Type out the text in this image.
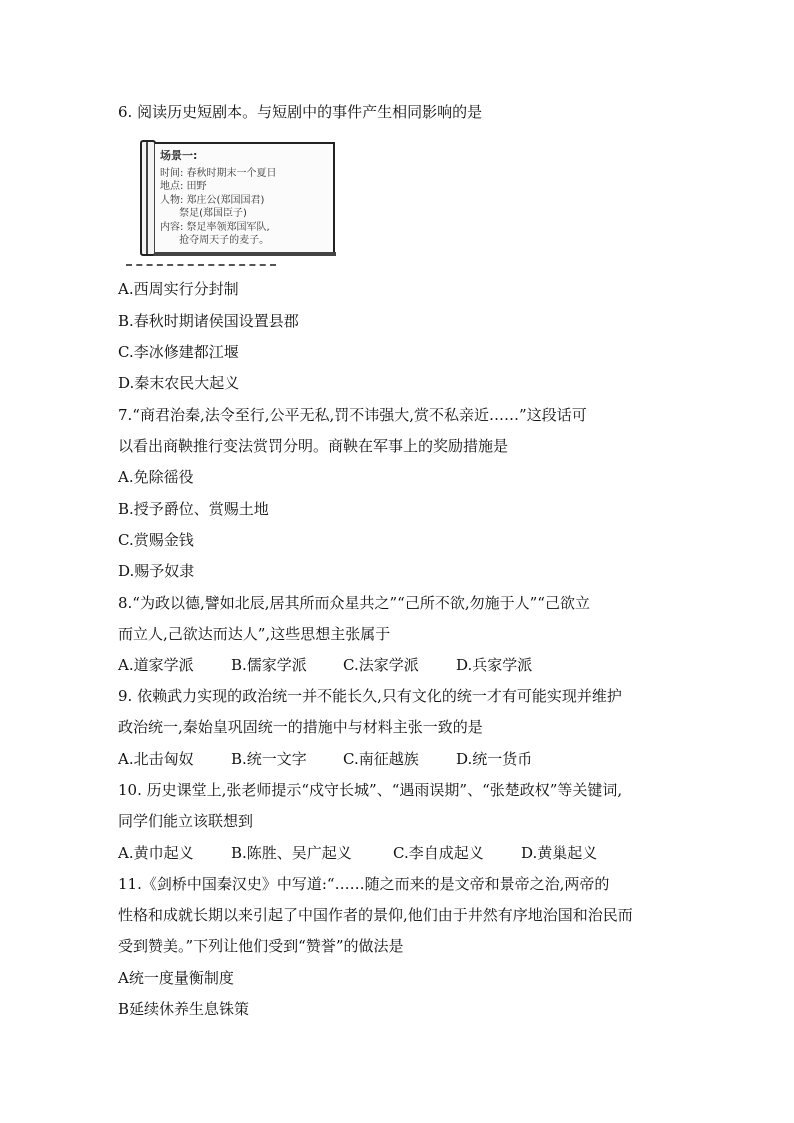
6. 阅读历史短剧本。与短剧中的事件产生相同影响的是
场景一:
时间: 春秋时期末一个夏日
地点: 田野
人物: 郑庄公(郑国国君)
祭足(郑国臣子)
内容: 祭足率领郑国军队,
抢夺周天子的麦子。
A.西周实行分封制
B.春秋时期诸侯国设置县郡
C.李冰修建都江堰
D.秦末农民大起义
7.“商君治秦,法令至行,公平无私,罚不讳强大,赏不私亲近……”这段话可
以看出商鞅推行变法赏罚分明。商鞅在军事上的奖励措施是
A.免除徭役
B.授予爵位、赏赐土地
C.赏赐金钱
D.赐予奴隶
8.“为政以德,譬如北辰,居其所而众星共之”“己所不欲,勿施于人”“己欲立
而立人,己欲达而达人”,这些思想主张属于
A.道家学派 B.儒家学派 C.法家学派 D.兵家学派
9. 依赖武力实现的政治统一并不能长久,只有文化的统一才有可能实现并维护
政治统一,秦始皇巩固统一的措施中与材料主张一致的是
A.北击匈奴 B.统一文字 C.南征越族 D.统一货币
10. 历史课堂上,张老师提示“戍守长城”、“遇雨误期”、“张楚政权”等关键词,
同学们能立该联想到
A.黄巾起义 B.陈胜、吴广起义	C.李自成起义 D.黄巢起义
11.《剑桥中国秦汉史》中写道:“……随之而来的是文帝和景帝之治,两帝的
性格和成就长期以来引起了中国作者的景仰,他们由于井然有序地治国和治民而
受到赞美。”下列让他们受到“赞誉”的做法是
A统一度量衡制度
B延续休养生息铢策
